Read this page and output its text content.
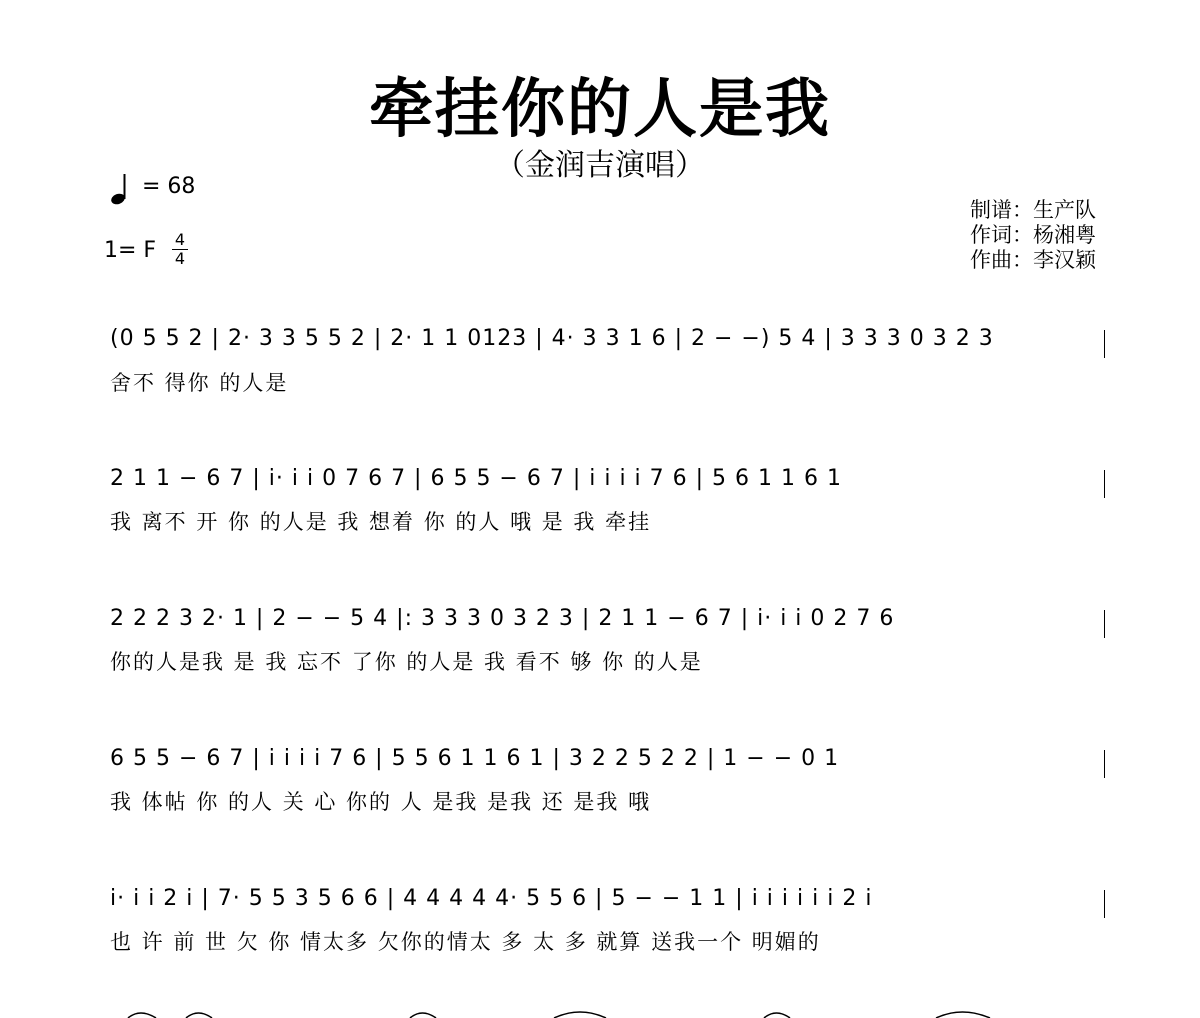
牵挂你的人是我
（金润吉演唱）
= 68
1= F 4
4
制谱：生产队
作词：杨湘粤
作曲：李汉颖
(0 5 5 2 | 2· 3 3 5 5 2 | 2· 1 1 0123 | 4· 3 3 1 6 | 2 − −) 5 4 | 3 3 3 0 3 2 3
舍不 得你 的人是
2 1 1 − 6 7 | i· i i 0 7 6 7 | 6 5 5 − 6 7 | i i i i 7 6 | 5 6 1 1 6 1
我 离不 开 你 的人是 我 想着 你 的人 哦 是 我 牵挂
2 2 2 3 2· 1 | 2 − − 5 4 |: 3 3 3 0 3 2 3 | 2 1 1 − 6 7 | i· i i 0 2 7 6
你的人是我 是 我 忘不 了你 的人是 我 看不 够 你 的人是
6 5 5 − 6 7 | i i i i 7 6 | 5 5 6 1 1 6 1 | 3 2 2 5 2 2 | 1 − − 0 1
我 体帖 你 的人 关 心 你的 人 是我 是我 还 是我 哦
i· i i 2 i | 7· 5 5 3 5 6 6 | 4 4 4 4 4· 5 5 6 | 5 − − 1 1 | i i i i i i 2 i
也 许 前 世 欠 你 情太多 欠你的情太 多 太 多 就算 送我一个 明媚的
